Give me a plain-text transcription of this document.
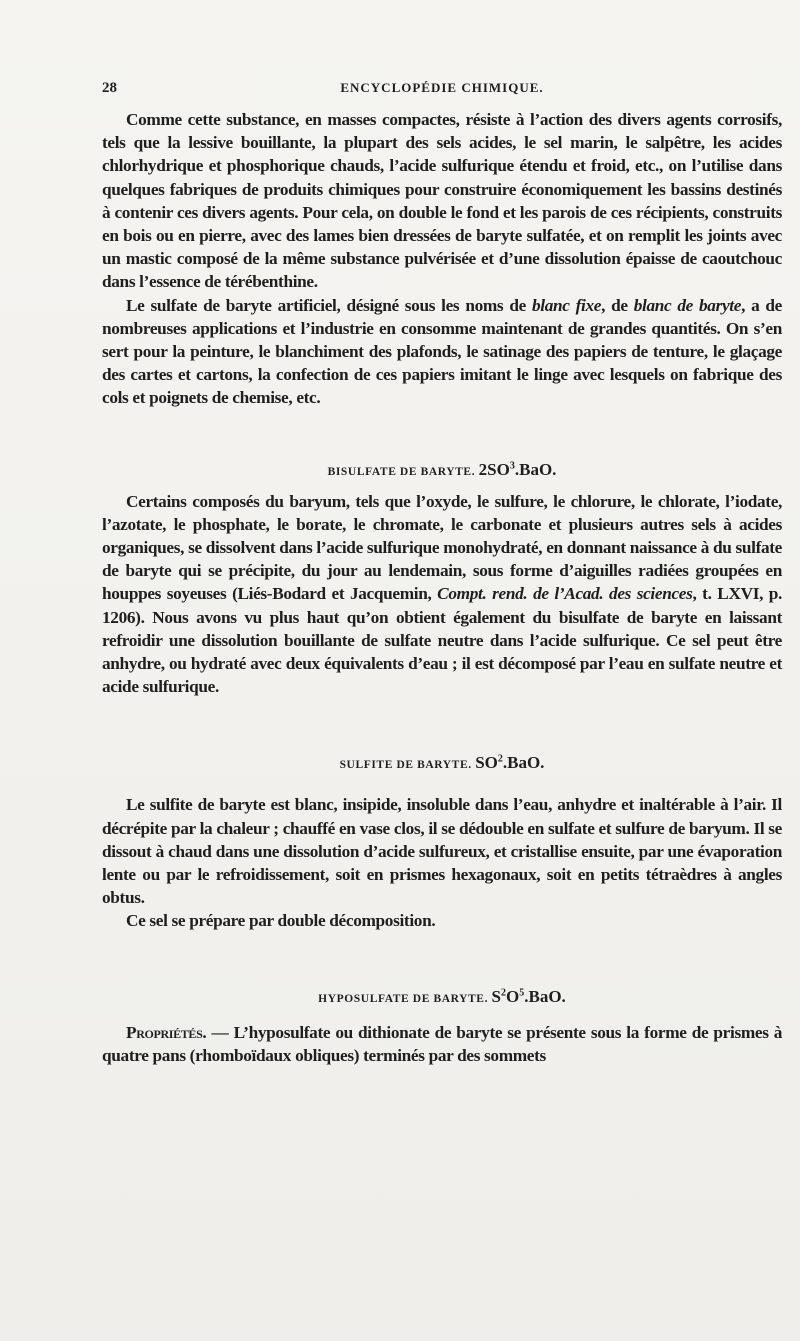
28	ENCYCLOPÉDIE CHIMIQUE.

Comme cette substance, en masses compactes, résiste à l’action des divers agents corrosifs, tels que la lessive bouillante, la plupart des sels acides, le sel marin, le salpêtre, les acides chlorhydrique et phosphorique chauds, l’acide sulfurique étendu et froid, etc., on l’utilise dans quelques fabriques de produits chimiques pour construire économiquement les bassins destinés à contenir ces divers agents. Pour cela, on double le fond et les parois de ces récipients, construits en bois ou en pierre, avec des lames bien dressées de baryte sulfatée, et on remplit les joints avec un mastic composé de la même substance pulvérisée et d’une dissolution épaisse de caoutchouc dans l’essence de térébenthine.

Le sulfate de baryte artificiel, désigné sous les noms de blanc fixe, de blanc de baryte, a de nombreuses applications et l’industrie en consomme maintenant de grandes quantités. On s’en sert pour la peinture, le blanchiment des plafonds, le satinage des papiers de tenture, le glaçage des cartes et cartons, la confection de ces papiers imitant le linge avec lesquels on fabrique des cols et poignets de chemise, etc.

BISULFATE DE BARYTE. $2SO^3.BaO$.

Certains composés du baryum, tels que l’oxyde, le sulfure, le chlorure, le chlorate, l’iodate, l’azotate, le phosphate, le borate, le chromate, le carbonate et plusieurs autres sels à acides organiques, se dissolvent dans l’acide sulfurique monohydraté, en donnant naissance à du sulfate de baryte qui se précipite, du jour au lendemain, sous forme d’aiguilles radiées groupées en houppes soyeuses (Liés-Bodard et Jacquemin, Compt. rend. de l’Acad. des sciences, t. LXVI, p. 1206). Nous avons vu plus haut qu’on obtient également du bisulfate de baryte en laissant refroidir une dissolution bouillante de sulfate neutre dans l’acide sulfurique. Ce sel peut être anhydre, ou hydraté avec deux équivalents d’eau ; il est décomposé par l’eau en sulfate neutre et acide sulfurique.

SULFITE DE BARYTE. $SO^2.BaO$.

Le sulfite de baryte est blanc, insipide, insoluble dans l’eau, anhydre et inaltérable à l’air. Il décrépite par la chaleur ; chauffé en vase clos, il se dédouble en sulfate et sulfure de baryum. Il se dissout à chaud dans une dissolution d’acide sulfureux, et cristallise ensuite, par une évaporation lente ou par le refroidissement, soit en prismes hexagonaux, soit en petits tétraèdres à angles obtus.

Ce sel se prépare par double décomposition.

HYPOSULFATE DE BARYTE. $S^2O^5.BaO$.

Propriétés. — L’hyposulfate ou dithionate de baryte se présente sous la forme de prismes à quatre pans (rhomboïdaux obliques) terminés par des sommets
